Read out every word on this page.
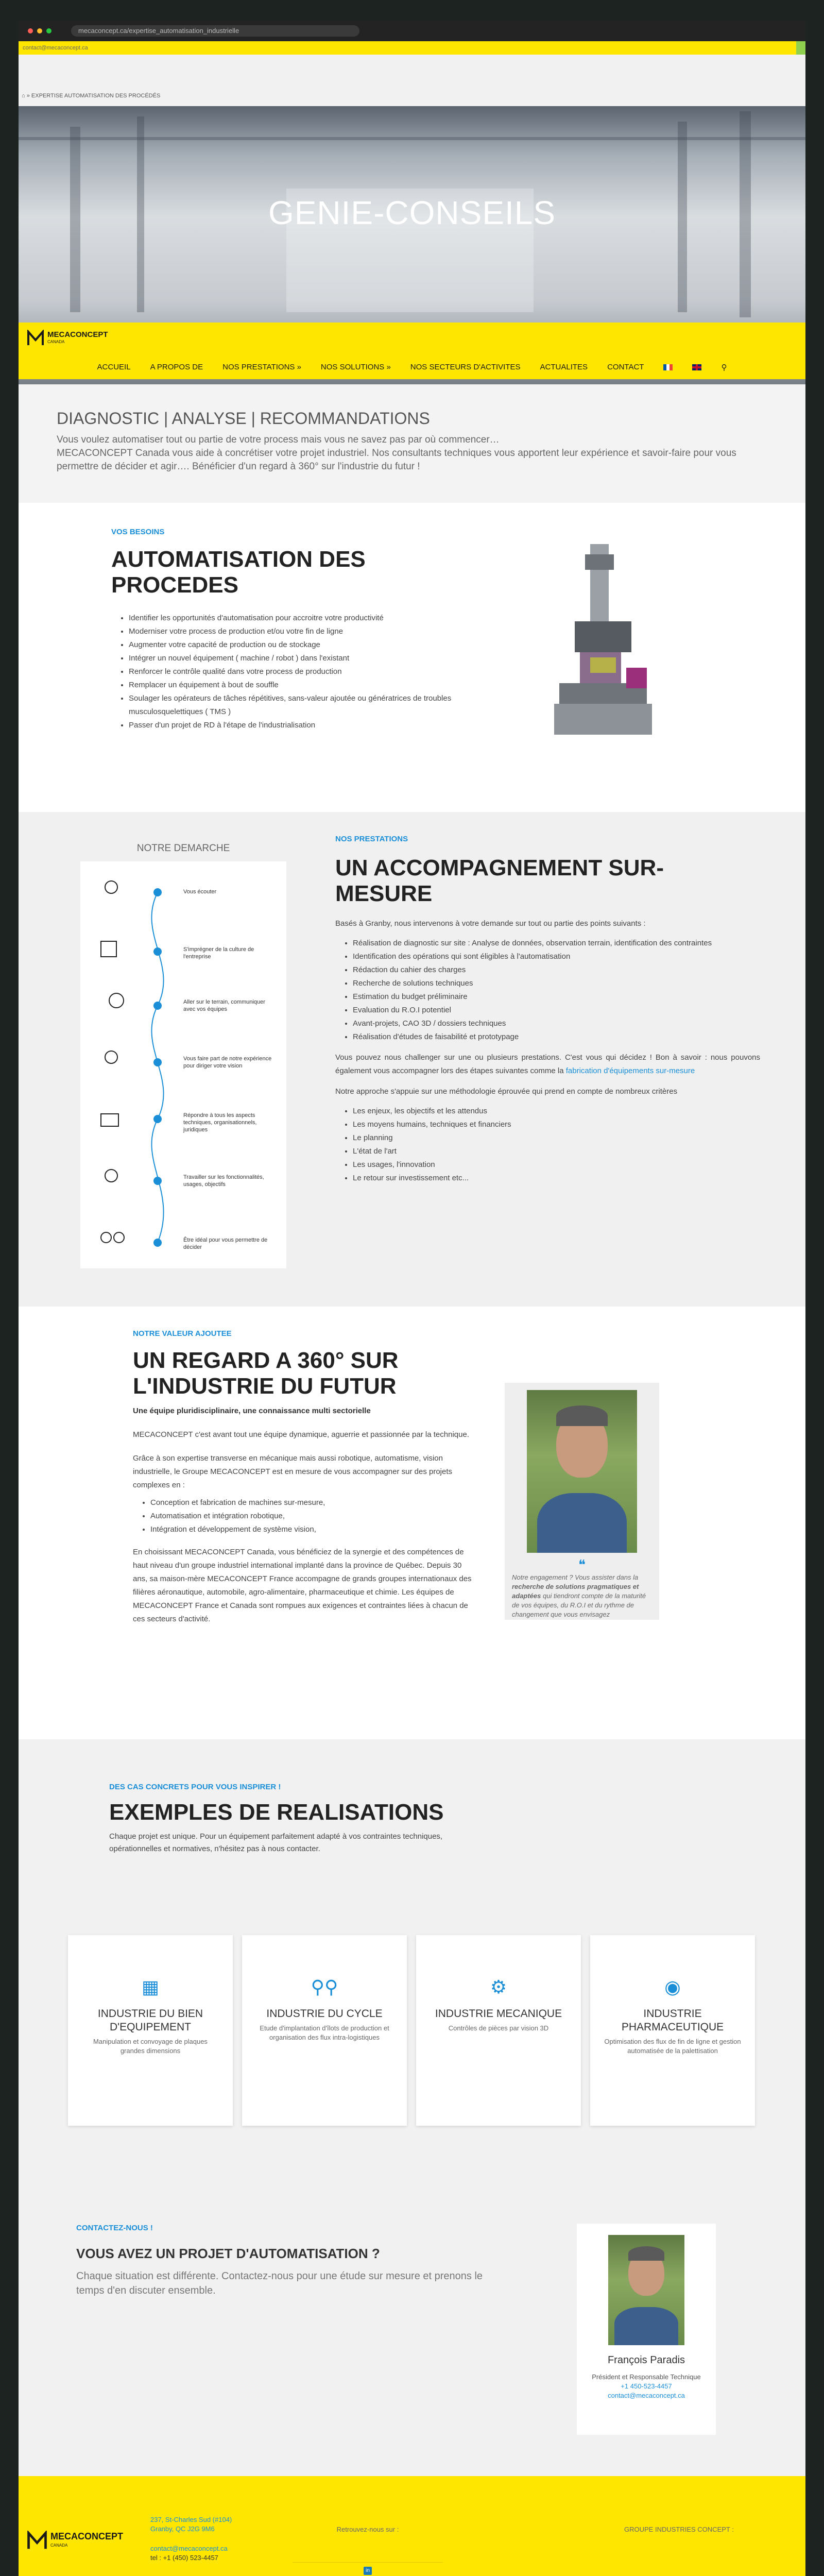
mecaconcept.ca/expertise_automatisation_industrielle
contact@mecaconcept.ca
⌂ » EXPERTISE AUTOMATISATION DES PROCÉDÉS
GENIE-CONSEILS
MECACONCEPT
CANADA
ACCUEIL	A PROPOS DE	NOS PRESTATIONS »	NOS SOLUTIONS »	NOS SECTEURS D'ACTIVITES	ACTUALITES	CONTACT	⚲
DIAGNOSTIC | ANALYSE | RECOMMANDATIONS

Vous voulez automatiser tout ou partie de votre process mais vous ne savez pas par où commencer…

MECACONCEPT Canada vous aide à concrétiser votre projet industriel. Nos consultants techniques vous apportent leur expérience et savoir-faire pour vous permettre de décider et agir…. Bénéficier d'un regard à 360° sur l'industrie du futur !

VOS BESOINS
AUTOMATISATION DES PROCEDES
• Identifier les opportunités d'automatisation pour accroitre votre productivité
• Moderniser votre process de production et/ou votre fin de ligne
• Augmenter votre capacité de production ou de stockage
• Intégrer un nouvel équipement ( machine / robot ) dans l'existant
• Renforcer le contrôle qualité dans votre process de production
• Remplacer un équipement à bout de souffle
• Soulager les opérateurs de tâches répétitives, sans-valeur ajoutée ou génératrices de troubles musculosquelettiques ( TMS )
• Passer d'un projet de RD à l'étape de l'industrialisation
NOTRE DEMARCHE
Vous écouter
S'imprégner de la culture de l'entreprise
Aller sur le terrain, communiquer avec vos équipes
Vous faire part de notre expérience pour diriger votre vision
Répondre à tous les aspects techniques, organisationnels, juridiques
Travailler sur les fonctionnalités, usages, objectifs
Être idéal pour vous permettre de décider
NOS PRESTATIONS
UN ACCOMPAGNEMENT SUR-MESURE

Basés à Granby, nous intervenons à votre demande sur tout ou partie des points suivants :

• Réalisation de diagnostic sur site : Analyse de données, observation terrain, identification des contraintes
• Identification des opérations qui sont éligibles à l'automatisation
• Rédaction du cahier des charges
• Recherche de solutions techniques
• Estimation du budget préliminaire
• Evaluation du R.O.I potentiel
• Avant-projets, CAO 3D / dossiers techniques
• Réalisation d'études de faisabilité et prototypage

Vous pouvez nous challenger sur une ou plusieurs prestations. C'est vous qui décidez ! Bon à savoir : nous pouvons également vous accompagner lors des étapes suivantes comme la fabrication d'équipements sur-mesure

Notre approche s'appuie sur une méthodologie éprouvée qui prend en compte de nombreux critères

• Les enjeux, les objectifs et les attendus
• Les moyens humains, techniques et financiers
• Le planning
• L'état de l'art
• Les usages, l'innovation
• Le retour sur investissement etc...
NOTRE VALEUR AJOUTEE
UN REGARD A 360° SUR L'INDUSTRIE DU FUTUR

Une équipe pluridisciplinaire, une connaissance multi sectorielle

MECACONCEPT c'est avant tout une équipe dynamique, aguerrie et passionnée par la technique.

Grâce à son expertise transverse en mécanique mais aussi robotique, automatisme, vision industrielle, le Groupe MECACONCEPT est en mesure de vous accompagner sur des projets complexes en :

• Conception et fabrication de machines sur-mesure,
• Automatisation et intégration robotique,
• Intégration et développement de système vision,

En choisissant MECACONCEPT Canada, vous bénéficiez de la synergie et des compétences de haut niveau d'un groupe industriel international implanté dans la province de Québec. Depuis 30 ans, sa maison-mère MECACONCEPT France accompagne de grands groupes internationaux des filières aéronautique, automobile, agro-alimentaire, pharmaceutique et chimie. Les équipes de MECACONCEPT France et Canada sont rompues aux exigences et contraintes liées à chacun de ces secteurs d'activité.

❝

Notre engagement ? Vous assister dans la recherche de solutions pragmatiques et adaptées qui tiendront compte de la maturité de vos équipes, du R.O.I et du rythme de changement que vous envisagez

DES CAS CONCRETS POUR VOUS INSPIRER !
EXEMPLES DE REALISATIONS

Chaque projet est unique. Pour un équipement parfaitement adapté à vos contraintes techniques, opérationnelles et normatives, n'hésitez pas à nous contacter.

▦
INDUSTRIE DU BIEN D'EQUIPEMENT

Manipulation et convoyage de plaques grandes dimensions

⚲⚲
INDUSTRIE DU CYCLE

Etude d'implantation d'îlots de production et organisation des flux intra-logistiques

⚙
INDUSTRIE MECANIQUE

Contrôles de pièces par vision 3D

◉
INDUSTRIE PHARMACEUTIQUE

Optimisation des flux de fin de ligne et gestion automatisée de la palettisation

CONTACTEZ-NOUS !
VOUS AVEZ UN PROJET D'AUTOMATISATION ?

Chaque situation est différente. Contactez-nous pour une étude sur mesure et prenons le temps d'en discuter ensemble.

François Paradis
Président et Responsable Technique
+1 450-523-4457
contact@mecaconcept.ca
MECACONCEPT
CANADA
237, St-Charles Sud (#104)
Granby, QC J2G 9M6
contact@mecaconcept.ca
tel : +1 (450) 523-4457
Retrouvez-nous sur :
in
GROUPE INDUSTRIES CONCEPT :
